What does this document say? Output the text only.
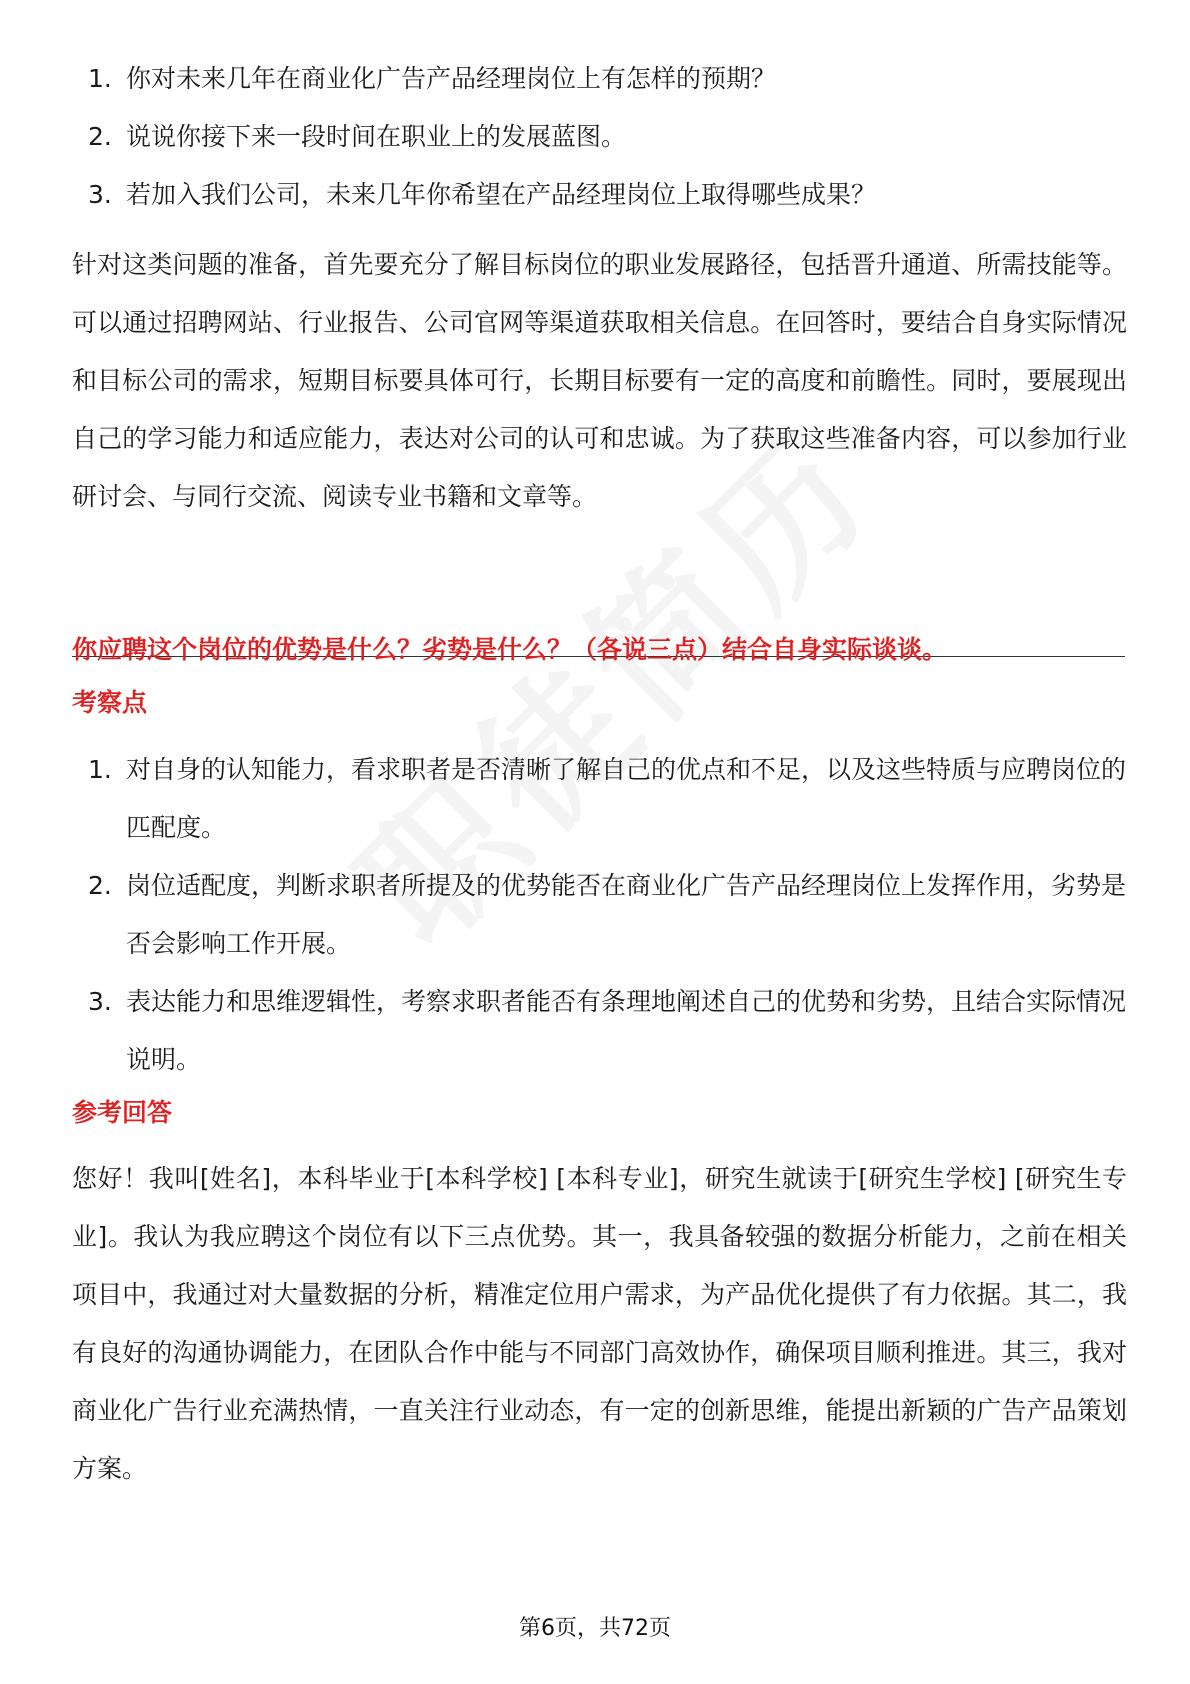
1. 你对未来几年在商业化广告产品经理岗位上有怎样的预期？
2. 说说你接下来一段时间在职业上的发展蓝图。
3. 若加入我们公司，未来几年你希望在产品经理岗位上取得哪些成果？
针对这类问题的准备，首先要充分了解目标岗位的职业发展路径，包括晋升通道、所需技能等。可以通过招聘网站、行业报告、公司官网等渠道获取相关信息。在回答时，要结合自身实际情况和目标公司的需求，短期目标要具体可行，长期目标要有一定的高度和前瞻性。同时，要展现出自己的学习能力和适应能力，表达对公司的认可和忠诚。为了获取这些准备内容，可以参加行业研讨会、与同行交流、阅读专业书籍和文章等。
你应聘这个岗位的优势是什么？劣势是什么？（各说三点）结合自身实际谈谈。
考察点
1. 对自身的认知能力，看求职者是否清晰了解自己的优点和不足，以及这些特质与应聘岗位的匹配度。
2. 岗位适配度，判断求职者所提及的优势能否在商业化广告产品经理岗位上发挥作用，劣势是否会影响工作开展。
3. 表达能力和思维逻辑性，考察求职者能否有条理地阐述自己的优势和劣势，且结合实际情况说明。
参考回答
您好！我叫[姓名]，本科毕业于[本科学校] [本科专业]，研究生就读于[研究生学校] [研究生专业]。我认为我应聘这个岗位有以下三点优势。其一，我具备较强的数据分析能力，之前在相关项目中，我通过对大量数据的分析，精准定位用户需求，为产品优化提供了有力依据。其二，我有良好的沟通协调能力，在团队合作中能与不同部门高效协作，确保项目顺利推进。其三，我对商业化广告行业充满热情，一直关注行业动态，有一定的创新思维，能提出新颖的广告产品策划方案。
第6页，共72页
